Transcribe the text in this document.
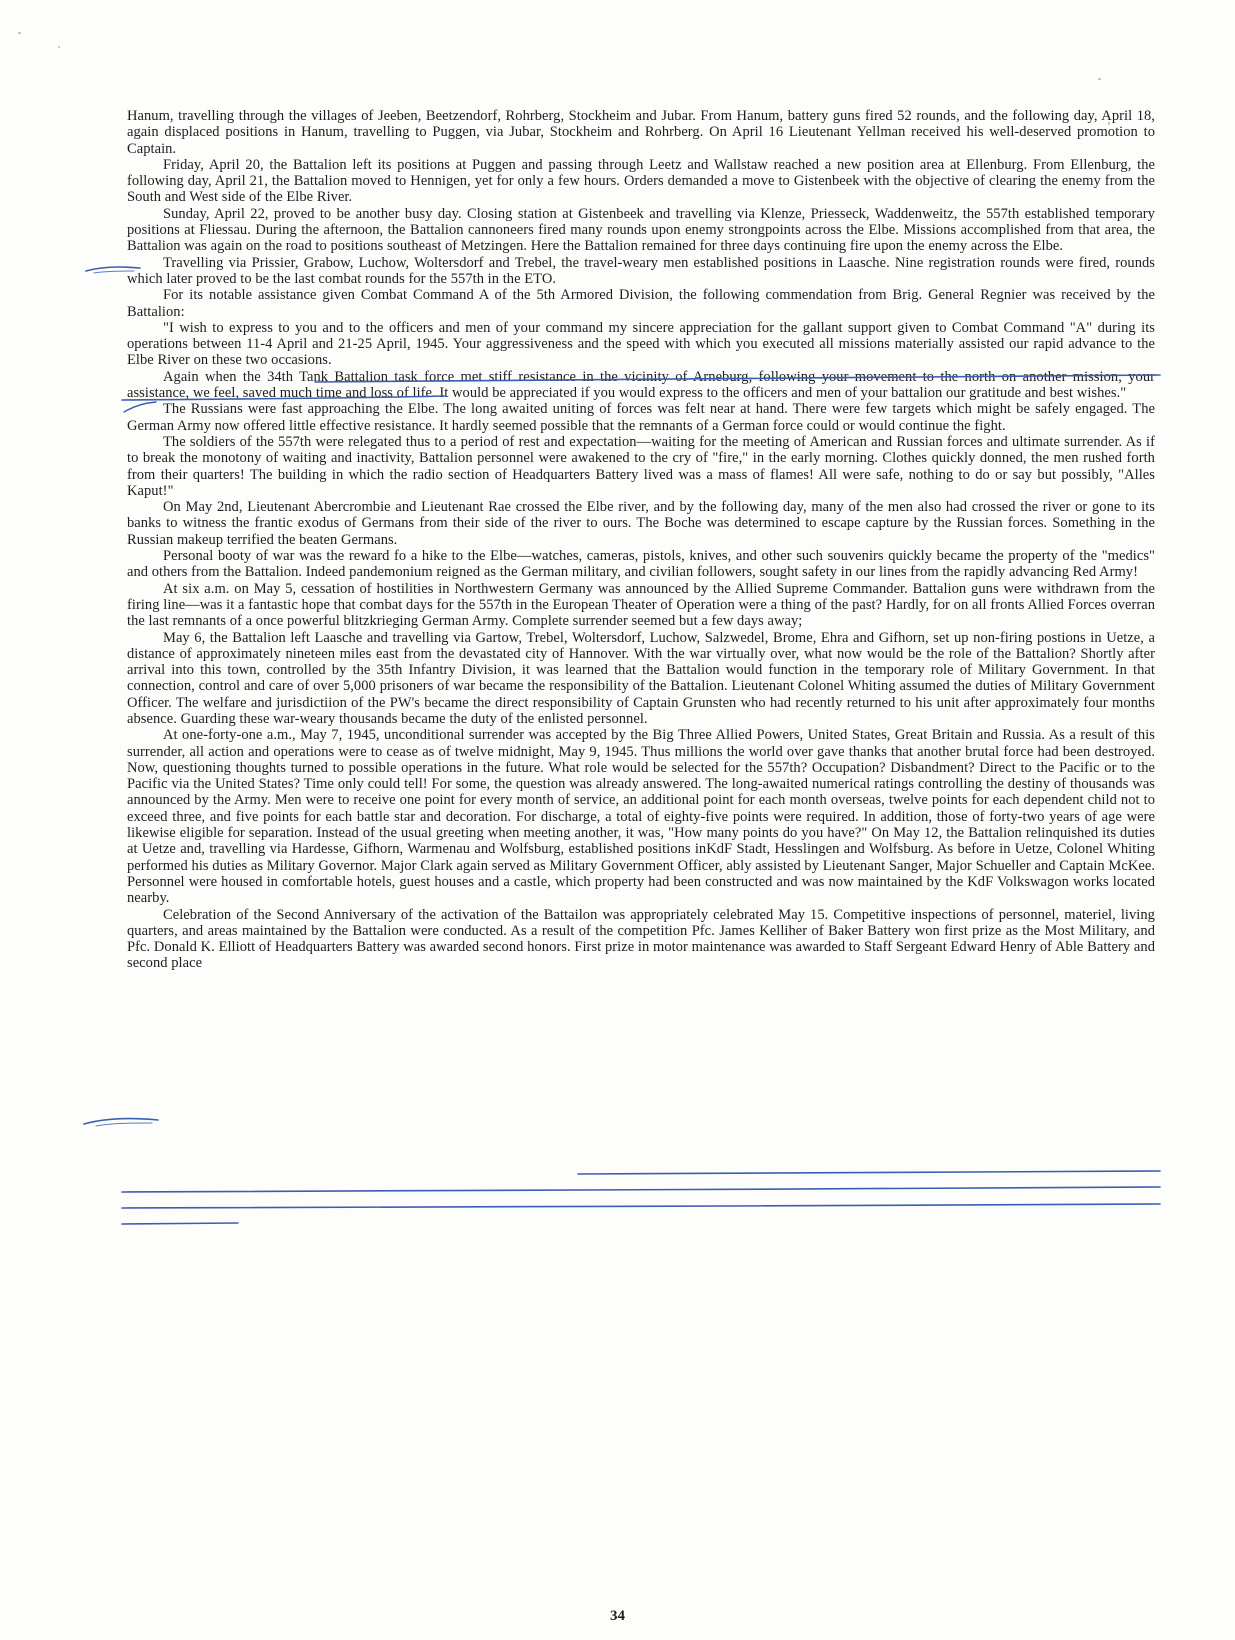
Hanum, travelling through the villages of Jeeben, Beetzendorf, Rohrberg, Stockheim and Jubar. From Hanum, battery guns fired 52 rounds, and the following day, April 18, again displaced positions in Hanum, travelling to Puggen, via Jubar, Stockheim and Rohrberg. On April 16 Lieutenant Yellman received his well-deserved promotion to Captain.

Friday, April 20, the Battalion left its positions at Puggen and passing through Leetz and Wallstaw reached a new position area at Ellenburg. From Ellenburg, the following day, April 21, the Battalion moved to Hennigen, yet for only a few hours. Orders demanded a move to Gistenbeek with the objective of clearing the enemy from the South and West side of the Elbe River.

Sunday, April 22, proved to be another busy day. Closing station at Gistenbeek and travelling via Klenze, Priesseck, Waddenweitz, the 557th established temporary positions at Fliessau. During the afternoon, the Battalion cannoneers fired many rounds upon enemy strongpoints across the Elbe. Missions accomplished from that area, the Battalion was again on the road to positions southeast of Metzingen. Here the Battalion remained for three days continuing fire upon the enemy across the Elbe.

Travelling via Prissier, Grabow, Luchow, Woltersdorf and Trebel, the travel-weary men established positions in Laasche. Nine registration rounds were fired, rounds which later proved to be the last combat rounds for the 557th in the ETO.

For its notable assistance given Combat Command A of the 5th Armored Division, the following commendation from Brig. General Regnier was received by the Battalion:

"I wish to express to you and to the officers and men of your command my sincere appreciation for the gallant support given to Combat Command "A" during its operations between 11-4 April and 21-25 April, 1945. Your aggressiveness and the speed with which you executed all missions materially assisted our rapid advance to the Elbe River on these two occasions.

Again when the 34th Tank Battalion task force met stiff resistance in the vicinity of Arneburg, following your movement to the north on another mission, your assistance, we feel, saved much time and loss of life. It would be appreciated if you would express to the officers and men of your battalion our gratitude and best wishes."

The Russians were fast approaching the Elbe. The long awaited uniting of forces was felt near at hand. There were few targets which might be safely engaged. The German Army now offered little effective resistance. It hardly seemed possible that the remnants of a German force could or would continue the fight.

The soldiers of the 557th were relegated thus to a period of rest and expectation—waiting for the meeting of American and Russian forces and ultimate surrender. As if to break the monotony of waiting and inactivity, Battalion personnel were awakened to the cry of "fire," in the early morning. Clothes quickly donned, the men rushed forth from their quarters! The building in which the radio section of Headquarters Battery lived was a mass of flames! All were safe, nothing to do or say but possibly, "Alles Kaput!"

On May 2nd, Lieutenant Abercrombie and Lieutenant Rae crossed the Elbe river, and by the following day, many of the men also had crossed the river or gone to its banks to witness the frantic exodus of Germans from their side of the river to ours. The Boche was determined to escape capture by the Russian forces. Something in the Russian makeup terrified the beaten Germans.

Personal booty of war was the reward fo a hike to the Elbe—watches, cameras, pistols, knives, and other such souvenirs quickly became the property of the "medics" and others from the Battalion. Indeed pandemonium reigned as the German military, and civilian followers, sought safety in our lines from the rapidly advancing Red Army!

At six a.m. on May 5, cessation of hostilities in Northwestern Germany was announced by the Allied Supreme Commander. Battalion guns were withdrawn from the firing line—was it a fantastic hope that combat days for the 557th in the European Theater of Operation were a thing of the past? Hardly, for on all fronts Allied Forces overran the last remnants of a once powerful blitzkrieging German Army. Complete surrender seemed but a few days away;

May 6, the Battalion left Laasche and travelling via Gartow, Trebel, Woltersdorf, Luchow, Salzwedel, Brome, Ehra and Gifhorn, set up non-firing postions in Uetze, a distance of approximately nineteen miles east from the devastated city of Hannover. With the war virtually over, what now would be the role of the Battalion? Shortly after arrival into this town, controlled by the 35th Infantry Division, it was learned that the Battalion would function in the temporary role of Military Government. In that connection, control and care of over 5,000 prisoners of war became the responsibility of the Battalion. Lieutenant Colonel Whiting assumed the duties of Military Government Officer. The welfare and jurisdictiion of the PW's became the direct responsibility of Captain Grunsten who had recently returned to his unit after approximately four months absence. Guarding these war-weary thousands became the duty of the enlisted personnel.

At one-forty-one a.m., May 7, 1945, unconditional surrender was accepted by the Big Three Allied Powers, United States, Great Britain and Russia. As a result of this surrender, all action and operations were to cease as of twelve midnight, May 9, 1945. Thus millions the world over gave thanks that another brutal force had been destroyed. Now, questioning thoughts turned to possible operations in the future. What role would be selected for the 557th? Occupation? Disbandment? Direct to the Pacific or to the Pacific via the United States? Time only could tell! For some, the question was already answered. The long-awaited numerical ratings controlling the destiny of thousands was announced by the Army. Men were to receive one point for every month of service, an additional point for each month overseas, twelve points for each dependent child not to exceed three, and five points for each battle star and decoration. For discharge, a total of eighty-five points were required. In addition, those of forty-two years of age were likewise eligible for separation. Instead of the usual greeting when meeting another, it was, "How many points do you have?" On May 12, the Battalion relinquished its duties at Uetze and, travelling via Hardesse, Gifhorn, Warmenau and Wolfsburg, established positions inKdF Stadt, Hesslingen and Wolfsburg. As before in Uetze, Colonel Whiting performed his duties as Military Governor. Major Clark again served as Military Government Officer, ably assisted by Lieutenant Sanger, Major Schueller and Captain McKee. Personnel were housed in comfortable hotels, guest houses and a castle, which property had been constructed and was now maintained by the KdF Volkswagon works located nearby.

Celebration of the Second Anniversary of the activation of the Battailon was appropriately celebrated May 15. Competitive inspections of personnel, materiel, living quarters, and areas maintained by the Battalion were conducted. As a result of the competition Pfc. James Kelliher of Baker Battery won first prize as the Most Military, and Pfc. Donald K. Elliott of Headquarters Battery was awarded second honors. First prize in motor maintenance was awarded to Staff Sergeant Edward Henry of Able Battery and second place

34
